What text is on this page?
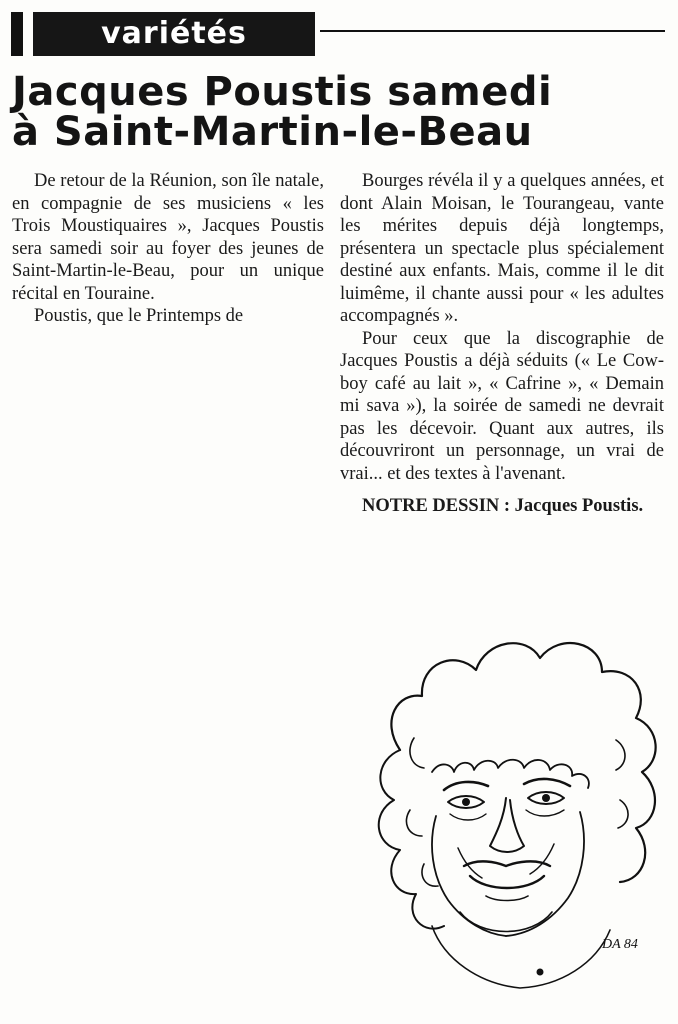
variétés
Jacques Poustis samedi
à Saint-Martin-le-Beau

De retour de la Réunion, son île natale, en compagnie de ses musiciens « les Trois Moustiquaires », Jacques Poustis sera samedi soir au foyer des jeunes de Saint-Martin-le-Beau, pour un unique récital en Touraine.

Poustis, que le Printemps de

Bourges révéla il y a quelques années, et dont Alain Moisan, le Tourangeau, vante les mérites depuis déjà longtemps, présentera un spectacle plus spécialement destiné aux enfants. Mais, comme il le dit luimême, il chante aussi pour « les adultes accompagnés ».

Pour ceux que la discographie de Jacques Poustis a déjà séduits (« Le Cow-boy café au lait », « Cafrine », « Demain mi sava »), la soirée de samedi ne devrait pas les décevoir. Quant aux autres, ils découvriront un personnage, un vrai de vrai... et des textes à l'avenant.

NOTRE DESSIN : Jacques Poustis.

DA 84
